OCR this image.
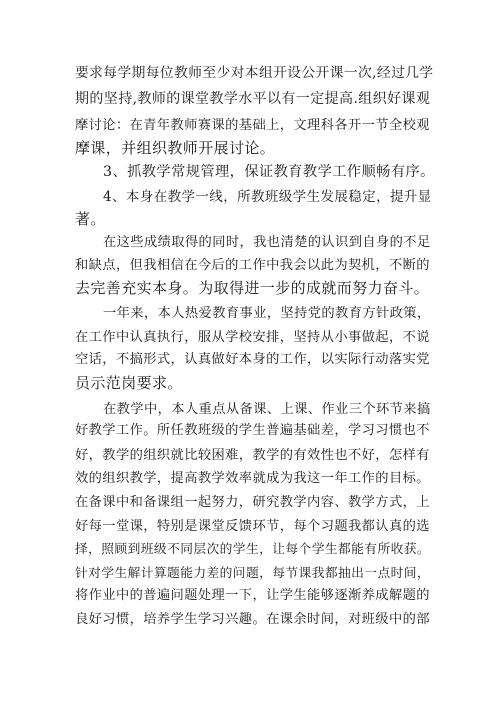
要求每学期每位教师至少对本组开设公开课一次,经过几学
期的坚持,教师的课堂教学水平以有一定提高.组织好课观
摩讨论：在青年教师赛课的基础上，文理科各开一节全校观
摩课，并组织教师开展讨论。
3、抓教学常规管理，保证教育教学工作顺畅有序。
4、本身在教学一线，所教班级学生发展稳定，提升显
著。
在这些成绩取得的同时，我也清楚的认识到自身的不足
和缺点，但我相信在今后的工作中我会以此为契机，不断的
去完善充实本身。为取得进一步的成就而努力奋斗。
一年来，本人热爱教育事业，坚持党的教育方针政策，
在工作中认真执行，服从学校安排，坚持从小事做起，不说
空话，不搞形式，认真做好本身的工作，以实际行动落实党
员示范岗要求。
在教学中，本人重点从备课、上课、作业三个环节来搞
好教学工作。所任教班级的学生普遍基础差，学习习惯也不
好，教学的组织就比较困难，教学的有效性也不好，怎样有
效的组织教学，提高教学效率就成为我这一年工作的目标。
在备课中和备课组一起努力，研究教学内容、教学方式，上
好每一堂课，特别是课堂反馈环节，每个习题我都认真的选
择，照顾到班级不同层次的学生，让每个学生都能有所收获。
针对学生解计算题能力差的问题，每节课我都抽出一点时间，
将作业中的普遍问题处理一下，让学生能够逐渐养成解题的
良好习惯，培养学生学习兴趣。在课余时间，对班级中的部
